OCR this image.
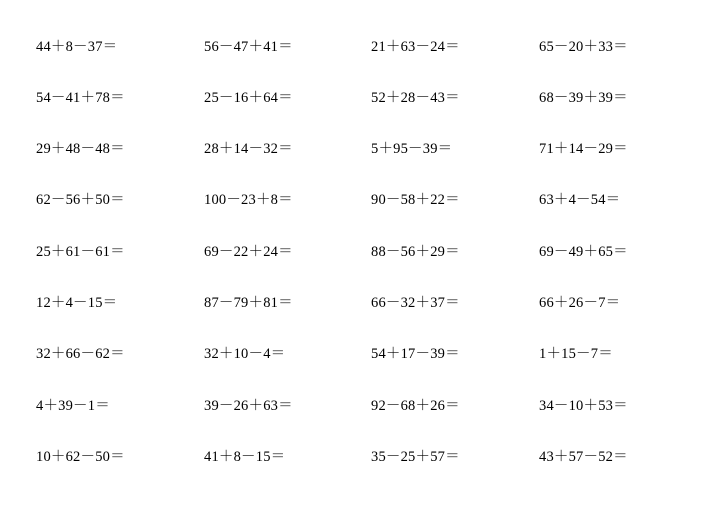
44＋8－37＝	56－47＋41＝	21＋63－24＝	65－20＋33＝
54－41＋78＝	25－16＋64＝	52＋28－43＝	68－39＋39＝
29＋48－48＝	28＋14－32＝	5＋95－39＝	71＋14－29＝
62－56＋50＝	100－23＋8＝	90－58＋22＝	63＋4－54＝
25＋61－61＝	69－22＋24＝	88－56＋29＝	69－49＋65＝
12＋4－15＝	87－79＋81＝	66－32＋37＝	66＋26－7＝
32＋66－62＝	32＋10－4＝	54＋17－39＝	1＋15－7＝
4＋39－1＝	39－26＋63＝	92－68＋26＝	34－10＋53＝
10＋62－50＝	41＋8－15＝	35－25＋57＝	43＋57－52＝
